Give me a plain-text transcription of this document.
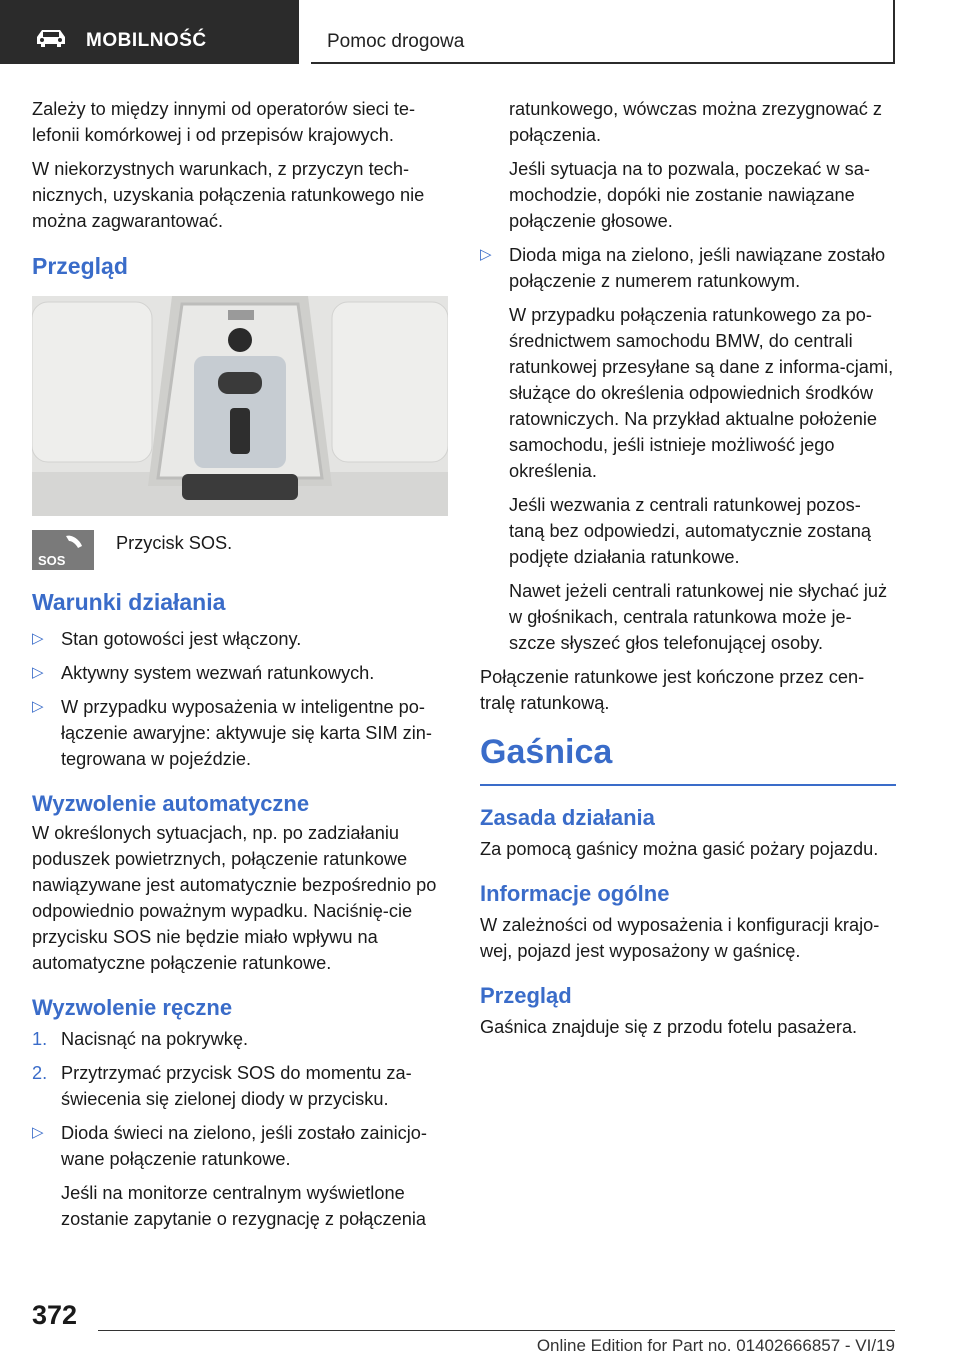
MOBILNOŚĆ	Pomoc drogowa

Zależy to między innymi od operatorów sieci te-lefonii komórkowej i od przepisów krajowych.

W niekorzystnych warunkach, z przyczyn tech-nicznych, uzyskania połączenia ratunkowego nie można zagwarantować.

Przegląd
SOS
Przycisk SOS.
Warunki działania
▷ Stan gotowości jest włączony.
▷ Aktywny system wezwań ratunkowych.
▷ W przypadku wyposażenia w inteligentne po-łączenie awaryjne: aktywuje się karta SIM zin-tegrowana w pojeździe.
Wyzwolenie automatyczne

W określonych sytuacjach, np. po zadziałaniu poduszek powietrznych, połączenie ratunkowe nawiązywane jest automatycznie bezpośrednio po odpowiednio poważnym wypadku. Naciśnię-cie przycisku SOS nie będzie miało wpływu na automatyczne połączenie ratunkowe.

Wyzwolenie ręczne
1. Nacisnąć na pokrywkę.
2. Przytrzymać przycisk SOS do momentu za-świecenia się zielonej diody w przycisku.
▷ Dioda świeci na zielono, jeśli zostało zainicjo-wane połączenie ratunkowe.

Jeśli na monitorze centralnym wyświetlone zostanie zapytanie o rezygnację z połączenia

ratunkowego, wówczas można zrezygnować z połączenia.

Jeśli sytuacja na to pozwala, poczekać w sa-mochodzie, dopóki nie zostanie nawiązane połączenie głosowe.

▷ Dioda miga na zielono, jeśli nawiązane zostało połączenie z numerem ratunkowym.

W przypadku połączenia ratunkowego za po-średnictwem samochodu BMW, do centrali ratunkowej przesyłane są dane z informa-cjami, służące do określenia odpowiednich środków ratowniczych. Na przykład aktualne położenie samochodu, jeśli istnieje możliwość jego określenia.

Jeśli wezwania z centrali ratunkowej pozos-taną bez odpowiedzi, automatycznie zostaną podjęte działania ratunkowe.

Nawet jeżeli centrali ratunkowej nie słychać już w głośnikach, centrala ratunkowa może je-szcze słyszeć głos telefonującej osoby.

Połączenie ratunkowe jest kończone przez cen-tralę ratunkową.

Gaśnica
Zasada działania

Za pomocą gaśnicy można gasić pożary pojazdu.

Informacje ogólne

W zależności od wyposażenia i konfiguracji krajo-wej, pojazd jest wyposażony w gaśnicę.

Przegląd

Gaśnica znajduje się z przodu fotelu pasażera.

372
Online Edition for Part no. 01402666857 - VI/19
